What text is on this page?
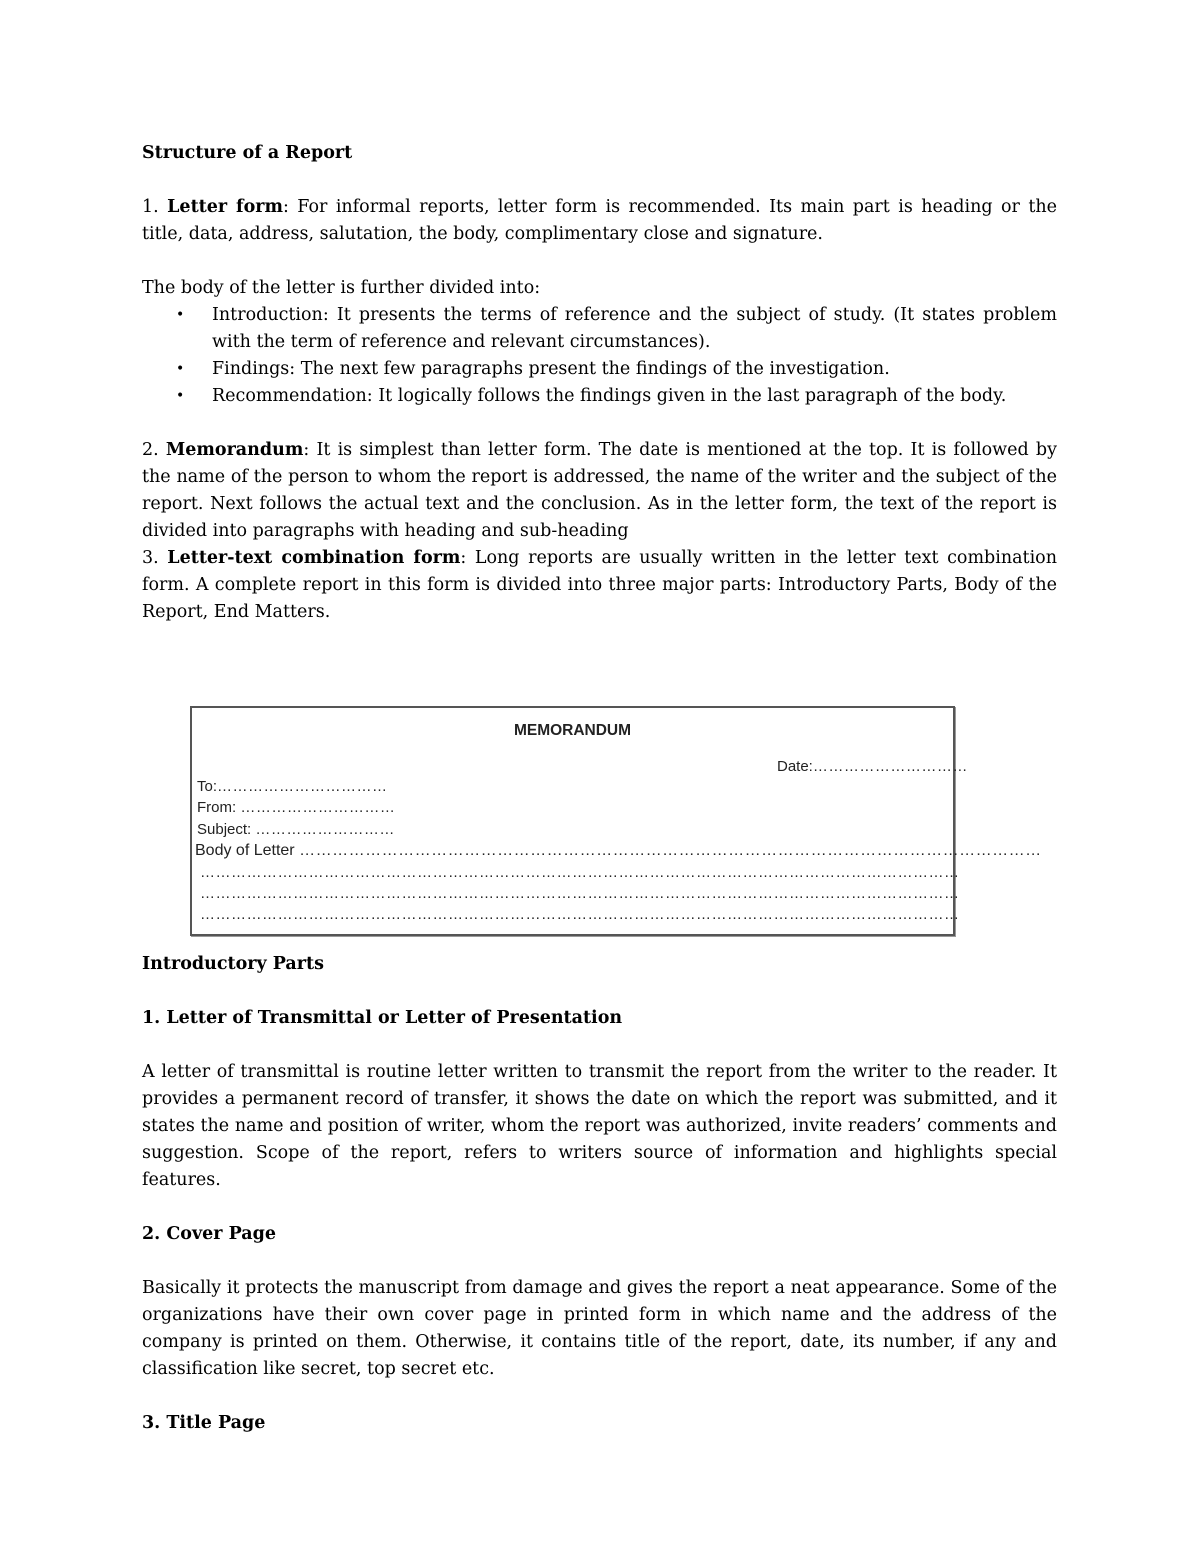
Structure of a Report

1. Letter form: For informal reports, letter form is recommended. Its main part is heading or the title, data, address, salutation, the body, complimentary close and signature.

The body of the letter is further divided into:

• Introduction: It presents the terms of reference and the subject of study. (It states problem with the term of reference and relevant circumstances).
• Findings: The next few paragraphs present the findings of the investigation.
• Recommendation: It logically follows the findings given in the last paragraph of the body.

2. Memorandum: It is simplest than letter form. The date is mentioned at the top. It is followed by the name of the person to whom the report is addressed, the name of the writer and the subject of the report. Next follows the actual text and the conclusion. As in the letter form, the text of the report is divided into paragraphs with heading and sub-heading

3. Letter-text combination form: Long reports are usually written in the letter text combination form. A complete report in this form is divided into three major parts: Introductory Parts, Body of the Report, End Matters.

MEMORANDUM
Date:…………………………
To:……………………………
From: …………………………
Subject: ………………………
Body of Letter ………………………………………………………………………………………………………………………
…………………………………………………………………………………………………………………………………
…………………………………………………………………………………………………………………………………
…………………………………………………………………………………………………………………………………

Introductory Parts

1. Letter of Transmittal or Letter of Presentation

A letter of transmittal is routine letter written to transmit the report from the writer to the reader. It provides a permanent record of transfer, it shows the date on which the report was submitted, and it states the name and position of writer, whom the report was authorized, invite readers’ comments and suggestion. Scope of the report, refers to writers source of information and highlights special features.

2. Cover Page

Basically it protects the manuscript from damage and gives the report a neat appearance. Some of the organizations have their own cover page in printed form in which name and the address of the company is printed on them. Otherwise, it contains title of the report, date, its number, if any and classification like secret, top secret etc.

3. Title Page
